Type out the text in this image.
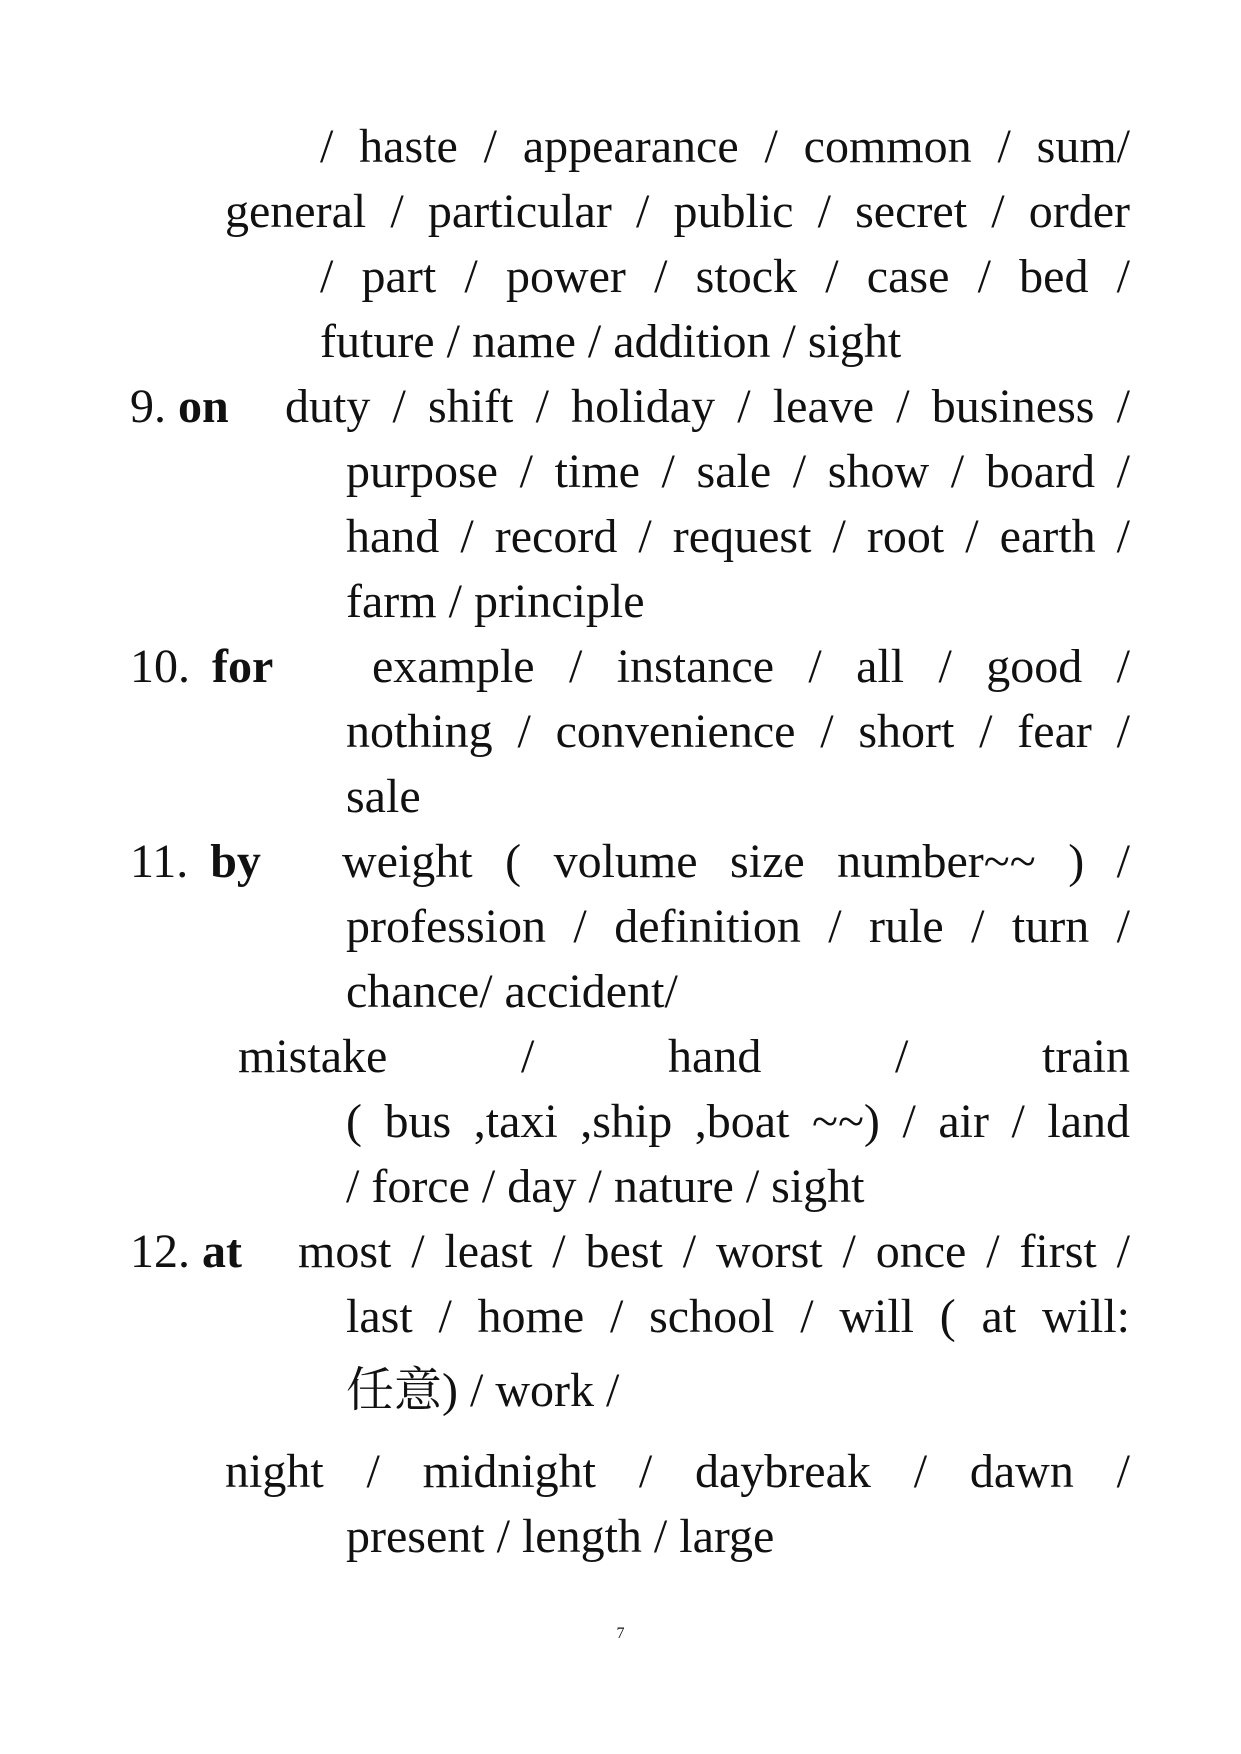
/ haste / appearance / common / sum/
general / particular / public / secret / order
/ part / power / stock / case / bed /
future / name / addition / sight
9. on duty / shift / holiday / leave / business /
purpose / time / sale / show / board /
hand / record / request / root / earth /
farm / principle
10. for example / instance / all / good /
nothing / convenience / short / fear /
sale
11. by weight ( volume size number~~ ) /
profession / definition / rule / turn /
chance/ accident/
mistake / hand / train
( bus ,taxi ,ship ,boat ~~) / air / land
/ force / day / nature / sight
12. at most / least / best / worst / once / first /
last / home / school / will ( at will:
任意) / work /
night / midnight / daybreak / dawn /
present / length / large
7
